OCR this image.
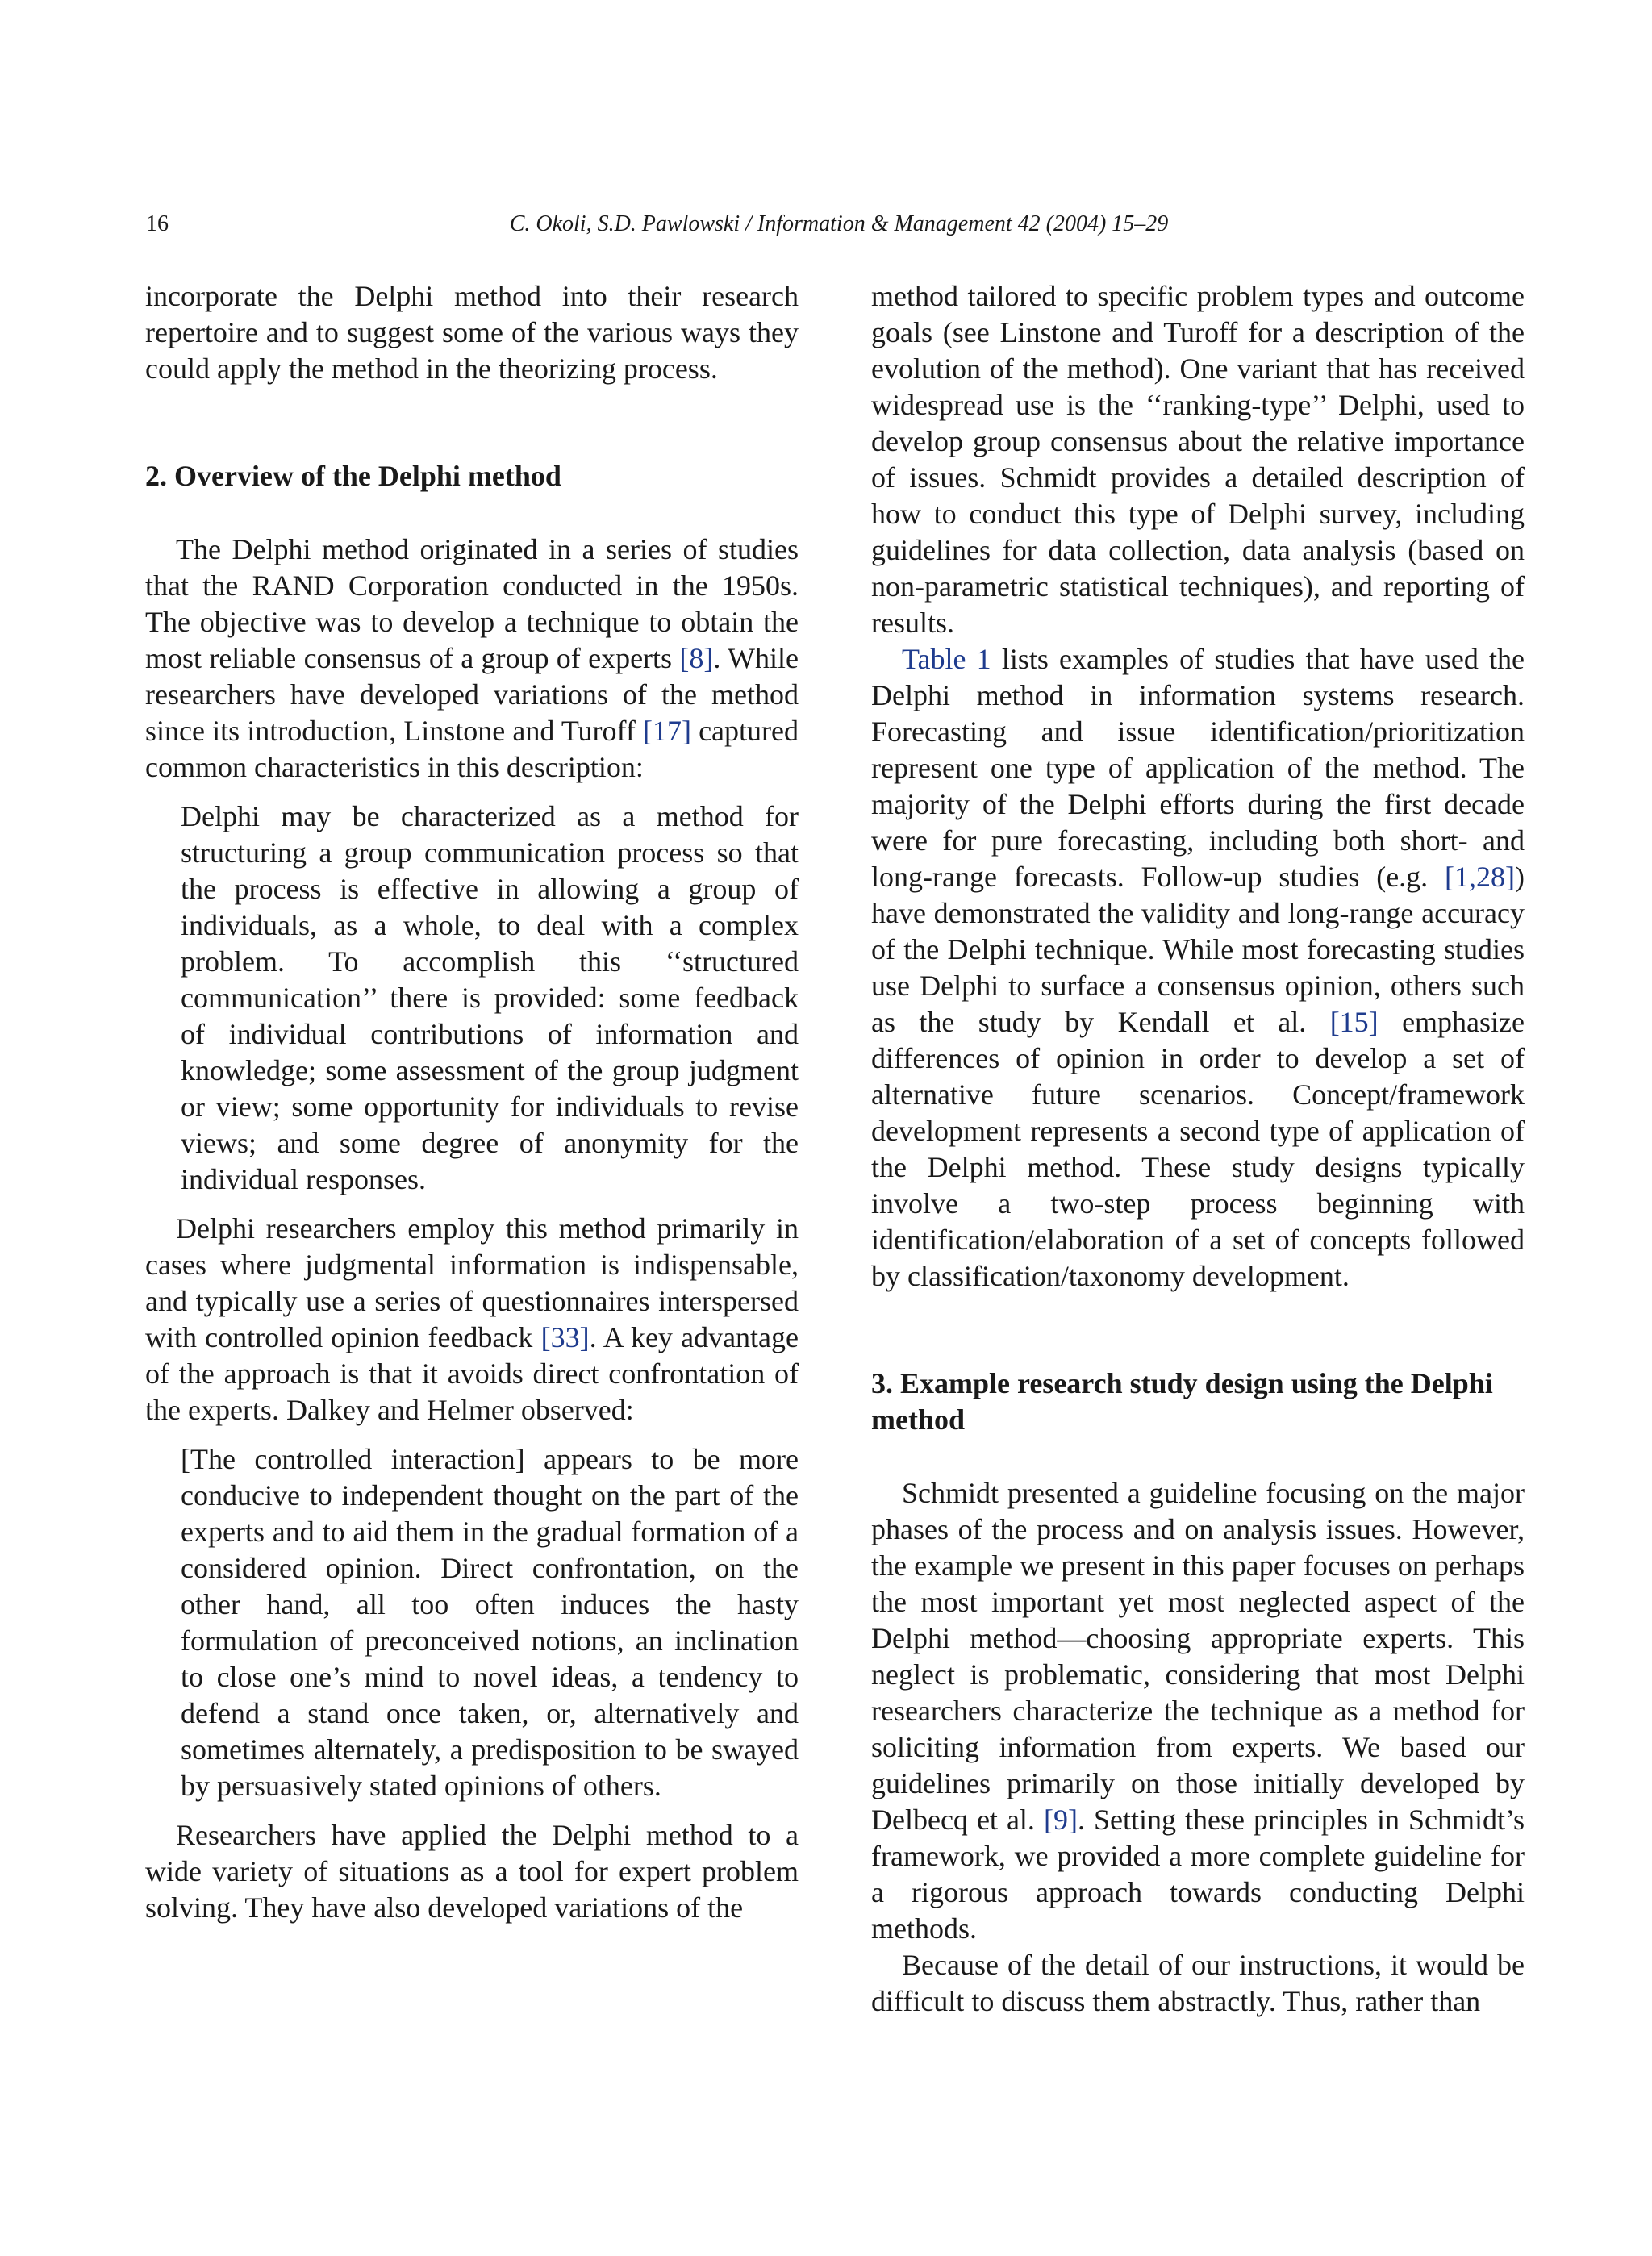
16	C. Okoli, S.D. Pawlowski / Information & Management 42 (2004) 15–29

incorporate the Delphi method into their research repertoire and to suggest some of the various ways they could apply the method in the theorizing process.

2. Overview of the Delphi method

The Delphi method originated in a series of studies that the RAND Corporation conducted in the 1950s. The objective was to develop a technique to obtain the most reliable consensus of a group of experts [8]. While researchers have developed variations of the method since its introduction, Linstone and Turoff [17] captured common characteristics in this description:

Delphi may be characterized as a method for structuring a group communication process so that the process is effective in allowing a group of individuals, as a whole, to deal with a complex problem. To accomplish this ‘‘structured communication’’ there is provided: some feedback of individual contributions of information and knowledge; some assessment of the group judgment or view; some opportunity for individuals to revise views; and some degree of anonymity for the individual responses.

Delphi researchers employ this method primarily in cases where judgmental information is indispensable, and typically use a series of questionnaires interspersed with controlled opinion feedback [33]. A key advantage of the approach is that it avoids direct confrontation of the experts. Dalkey and Helmer observed:

[The controlled interaction] appears to be more conducive to independent thought on the part of the experts and to aid them in the gradual formation of a considered opinion. Direct confrontation, on the other hand, all too often induces the hasty formulation of preconceived notions, an inclination to close one’s mind to novel ideas, a tendency to defend a stand once taken, or, alternatively and sometimes alternately, a predisposition to be swayed by persuasively stated opinions of others.

Researchers have applied the Delphi method to a wide variety of situations as a tool for expert problem solving. They have also developed variations of the

method tailored to specific problem types and outcome goals (see Linstone and Turoff for a description of the evolution of the method). One variant that has received widespread use is the ‘‘ranking-type’’ Delphi, used to develop group consensus about the relative importance of issues. Schmidt provides a detailed description of how to conduct this type of Delphi survey, including guidelines for data collection, data analysis (based on non-parametric statistical techniques), and reporting of results.

Table 1 lists examples of studies that have used the Delphi method in information systems research. Forecasting and issue identification/prioritization represent one type of application of the method. The majority of the Delphi efforts during the first decade were for pure forecasting, including both short- and long-range forecasts. Follow-up studies (e.g. [1,28]) have demonstrated the validity and long-range accuracy of the Delphi technique. While most forecasting studies use Delphi to surface a consensus opinion, others such as the study by Kendall et al. [15] emphasize differences of opinion in order to develop a set of alternative future scenarios. Concept/framework development represents a second type of application of the Delphi method. These study designs typically involve a two-step process beginning with identification/elaboration of a set of concepts followed by classification/taxonomy development.

3. Example research study design using the Delphi method

Schmidt presented a guideline focusing on the major phases of the process and on analysis issues. However, the example we present in this paper focuses on perhaps the most important yet most neglected aspect of the Delphi method—choosing appropriate experts. This neglect is problematic, considering that most Delphi researchers characterize the technique as a method for soliciting information from experts. We based our guidelines primarily on those initially developed by Delbecq et al. [9]. Setting these principles in Schmidt’s framework, we provided a more complete guideline for a rigorous approach towards conducting Delphi methods.

Because of the detail of our instructions, it would be difficult to discuss them abstractly. Thus, rather than
